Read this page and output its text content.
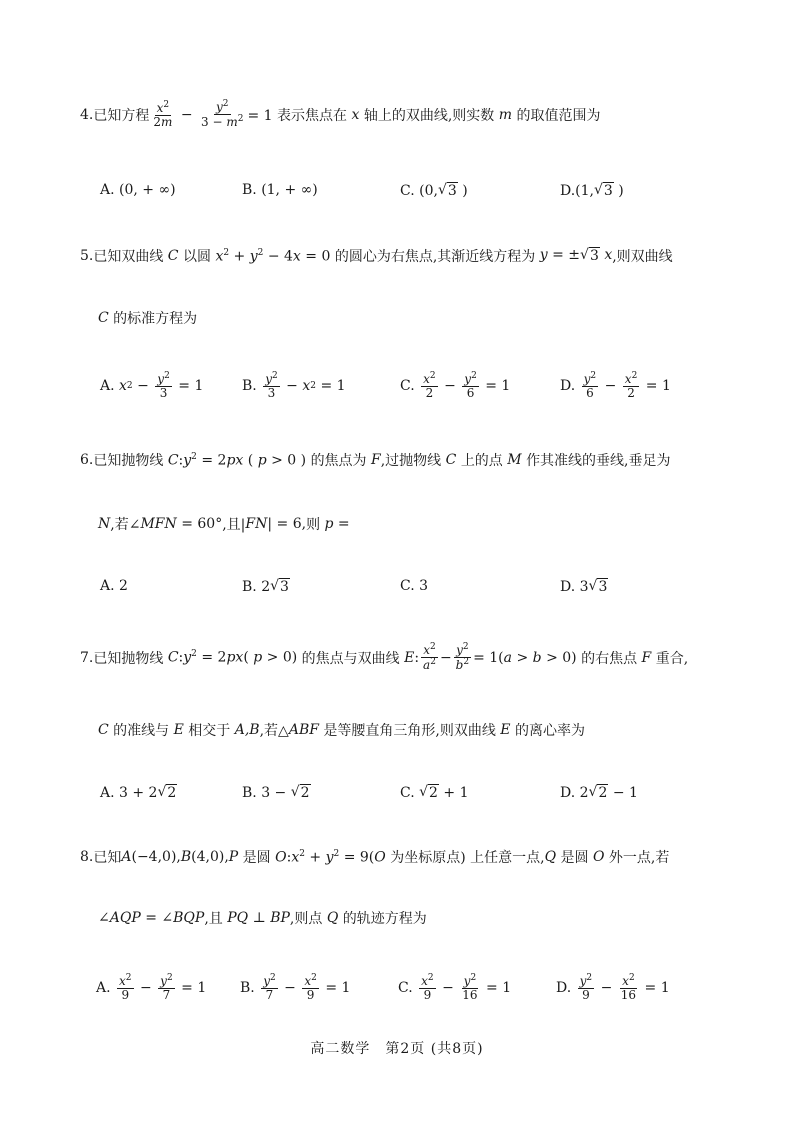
4. 已知方程 $\frac{x^2}{2m} - \frac{y^2}{3 - m^2} = 1$ 表示焦点在 x 轴上的双曲线,则实数 m 的取值范围为
A. (0, + ∞)	B. (1, + ∞)	C. (0, √ 3 )	D.(1, √ 3 )
5. 已知双曲线 C 以圆 $x^2 + y^2 - 4x = 0$ 的圆心为右焦点,其渐近线方程为 y = ±√ 3 x ,则双曲线
C 的标准方程为
A. x $2 - \frac{y^2}{3} = 1$	B. $\frac{y^2}{3} - x$ 2 = 1	C. $\frac{x^2}{2} - \frac{y^2}{6} = 1$	D. $\frac{y^2}{6} - \frac{x^2}{2} = 1$
6. 已知抛物线 $C:y^2 = 2px$ ( p > 0 ) 的焦点为 F ,过抛物线 C 上的点 M 作其准线的垂线,垂足为
N ,若∠ MFN = 60° ,且| FN| = 6, 则 p =
A. 2	B. 2 √ 3	C. 3	D. 3 √ 3
7. 已知抛物线 $C:y^2 = 2px$( p > 0) 的焦点与双曲线 E : $\frac{x^2}{a^2} - \frac{y^2}{b^2} = 1(a > b > 0)$ 的右焦点 F 重合,
C 的准线与 E 相交于 A,B ,若△ ABF 是等腰直角三角形,则双曲线 E 的离心率为
A. 3 + 2 √ 2	B. 3 − √ 2	C. √ 2 + 1	D. 2 √ 2 − 1
8. 已知 A(−4,0),B(4,0),P 是圆 $O:x^2 + y^2 = 9(O$ 为坐标原点) 上任意一点, Q 是圆 O 外一点,若
∠AQP = ∠BQP ,且 PQ ⊥ BP ,则点 Q 的轨迹方程为
A. $\frac{x^2}{9} - \frac{y^2}{7} = 1$ B. $\frac{y^2}{7} - \frac{x^2}{9} = 1$	C. $\frac{x^2}{9} - \frac{y^2}{16} = 1$	D. $\frac{y^2}{9} - \frac{x^2}{16} = 1$
高二数学　第2页 (共8页)
